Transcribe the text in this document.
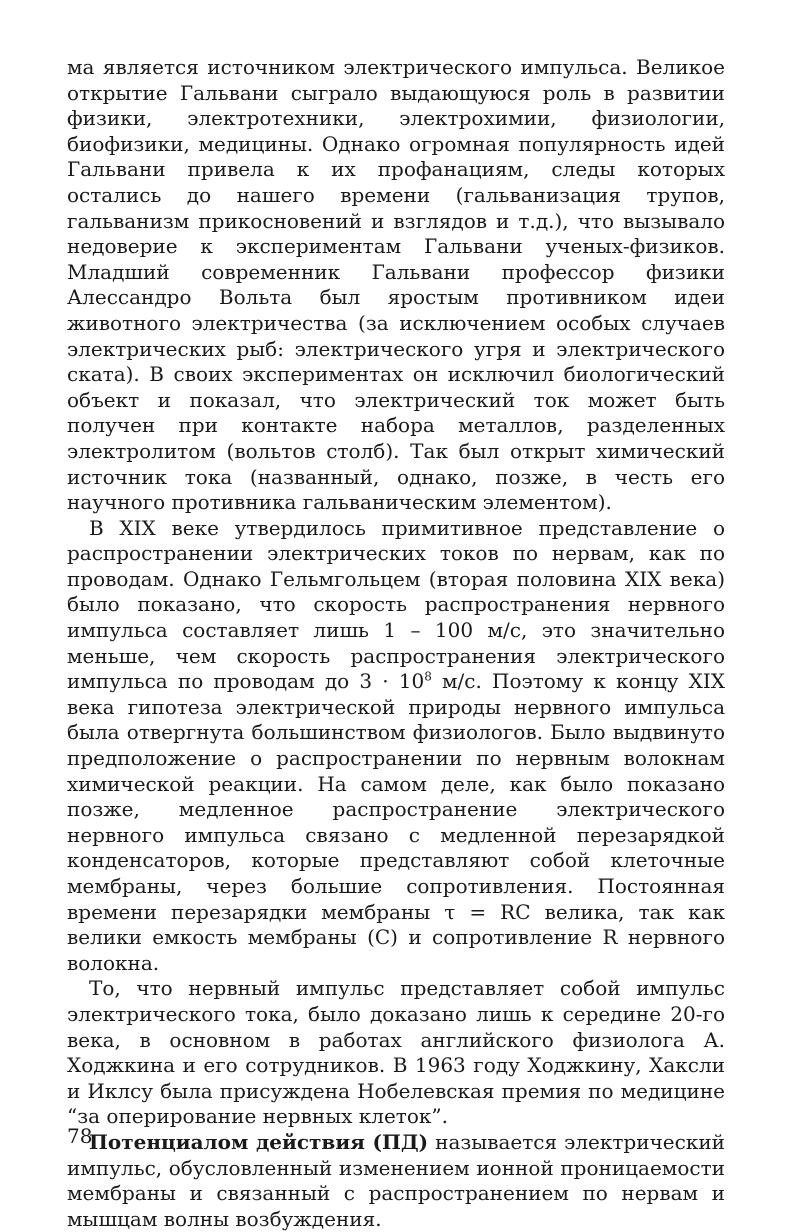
ма является источником электрического импульса. Великое открытие Гальвани сыграло выдающуюся роль в развитии физики, электротехники, электрохимии, физиологии, биофизики, медицины. Однако огромная популярность идей Гальвани привела к их профанациям, следы которых остались до нашего времени (гальванизация трупов, гальванизм прикосновений и взглядов и т.д.), что вызывало недоверие к экспериментам Гальвани ученых-физиков. Младший современник Гальвани профессор физики Алессандро Вольта был яростым противником идеи животного электричества (за исключением особых случаев электрических рыб: электрического угря и электрического ската). В своих экспериментах он исключил биологический объект и показал, что электрический ток может быть получен при контакте набора металлов, разделенных электролитом (вольтов столб). Так был открыт химический источник тока (названный, однако, позже, в честь его научного противника гальваническим элементом).

В XIX веке утвердилось примитивное представление о распространении электрических токов по нервам, как по проводам. Однако Гельмгольцем (вторая половина XIX века) было показано, что скорость распространения нервного импульса составляет лишь 1 – 100 м/с, это значительно меньше, чем скорость распространения электрического импульса по проводам до $3 \cdot 10^8$ м/с. Поэтому к концу XIX века гипотеза электрической природы нервного импульса была отвергнута большинством физиологов. Было выдвинуто предположение о распространении по нервным волокнам химической реакции. На самом деле, как было показано позже, медленное распространение электрического нервного импульса связано с медленной перезарядкой конденсаторов, которые представляют собой клеточные мембраны, через большие сопротивления. Постоянная времени перезарядки мембраны τ = RC велика, так как велики емкость мембраны (С) и сопротивление R нервного волокна.

То, что нервный импульс представляет собой импульс электрического тока, было доказано лишь к середине 20-го века, в основном в работах английского физиолога А. Ходжкина и его сотрудников. В 1963 году Ходжкину, Хаксли и Иклсу была присуждена Нобелевская премия по медицине “за оперирование нервных клеток”.

Потенциалом действия (ПД) называется электрический импульс, обусловленный изменением ионной проницаемости мембраны и связанный с распространением по нервам и мышцам волны возбуждения.

78
